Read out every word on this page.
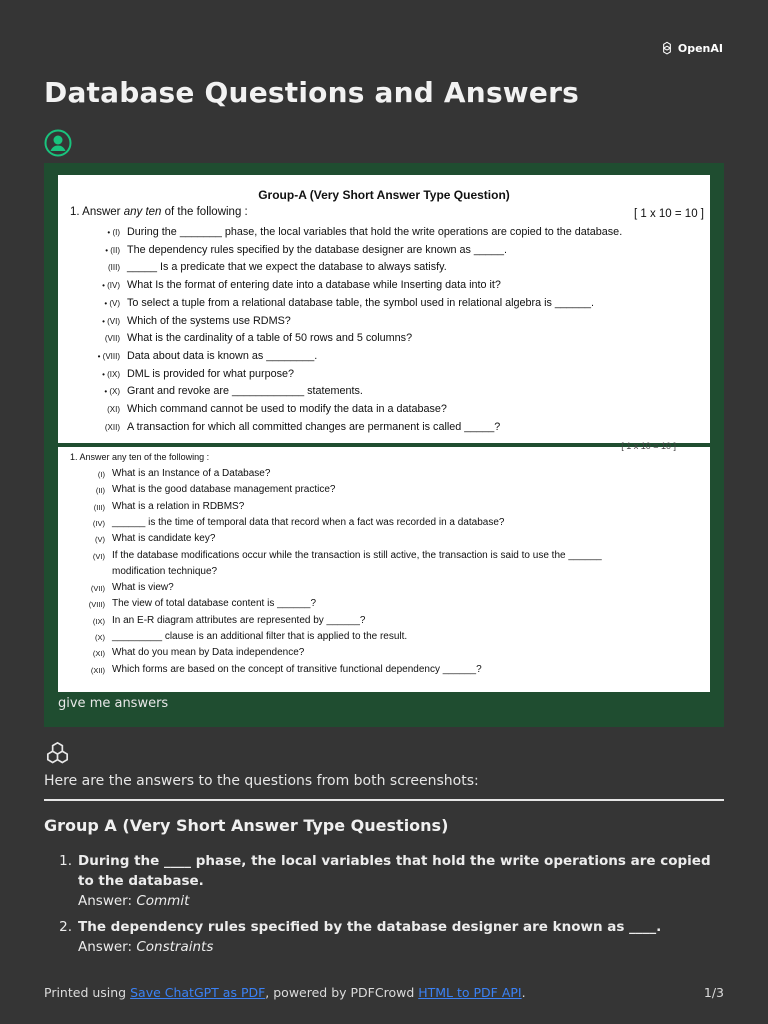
OpenAI
Database Questions and Answers
Group-A (Very Short Answer Type Question)
1. Answer any ten of the following :	[ 1 x 10 = 10 ]
• (I) During the _______ phase, the local variables that hold the write operations are copied to the database.
• (II) The dependency rules specified by the database designer are known as _____.
(III) _____ Is a predicate that we expect the database to always satisfy.
• (IV) What Is the format of entering date into a database while Inserting data into it?
• (V) To select a tuple from a relational database table, the symbol used in relational algebra is ______.
• (VI) Which of the systems use RDMS?
(VII) What is the cardinality of a table of 50 rows and 5 columns?
• (VIII) Data about data is known as ________.
• (IX) DML is provided for what purpose?
• (X) Grant and revoke are ____________ statements.
(XI) Which command cannot be used to modify the data in a database?
(XII) A transaction for which all committed changes are permanent is called _____?
[ 1 x 10 = 10 ]
1. Answer any ten of the following :
(I) What is an Instance of a Database?
(II) What is the good database management practice?
(III) What is a relation in RDBMS?
(IV) ______ is the time of temporal data that record when a fact was recorded in a database?
(V) What is candidate key?
(VI) If the database modifications occur while the transaction is still active, the transaction is said to use the ______
modification technique?
(VII) What is view?
(VIII) The view of total database content is ______?
(IX) In an E-R diagram attributes are represented by ______?
(X) _________ clause is an additional filter that is applied to the result.
(XI) What do you mean by Data independence?
(XII) Which forms are based on the concept of transitive functional dependency ______?
give me answers

Here are the answers to the questions from both screenshots:

Group A (Very Short Answer Type Questions)
1. During the ____ phase, the local variables that hold the write operations are copied to the database.
Answer: Commit
2. The dependency rules specified by the database designer are known as ____.
Answer: Constraints
Printed using Save ChatGPT as PDF, powered by PDFCrowd HTML to PDF API.	1/3
